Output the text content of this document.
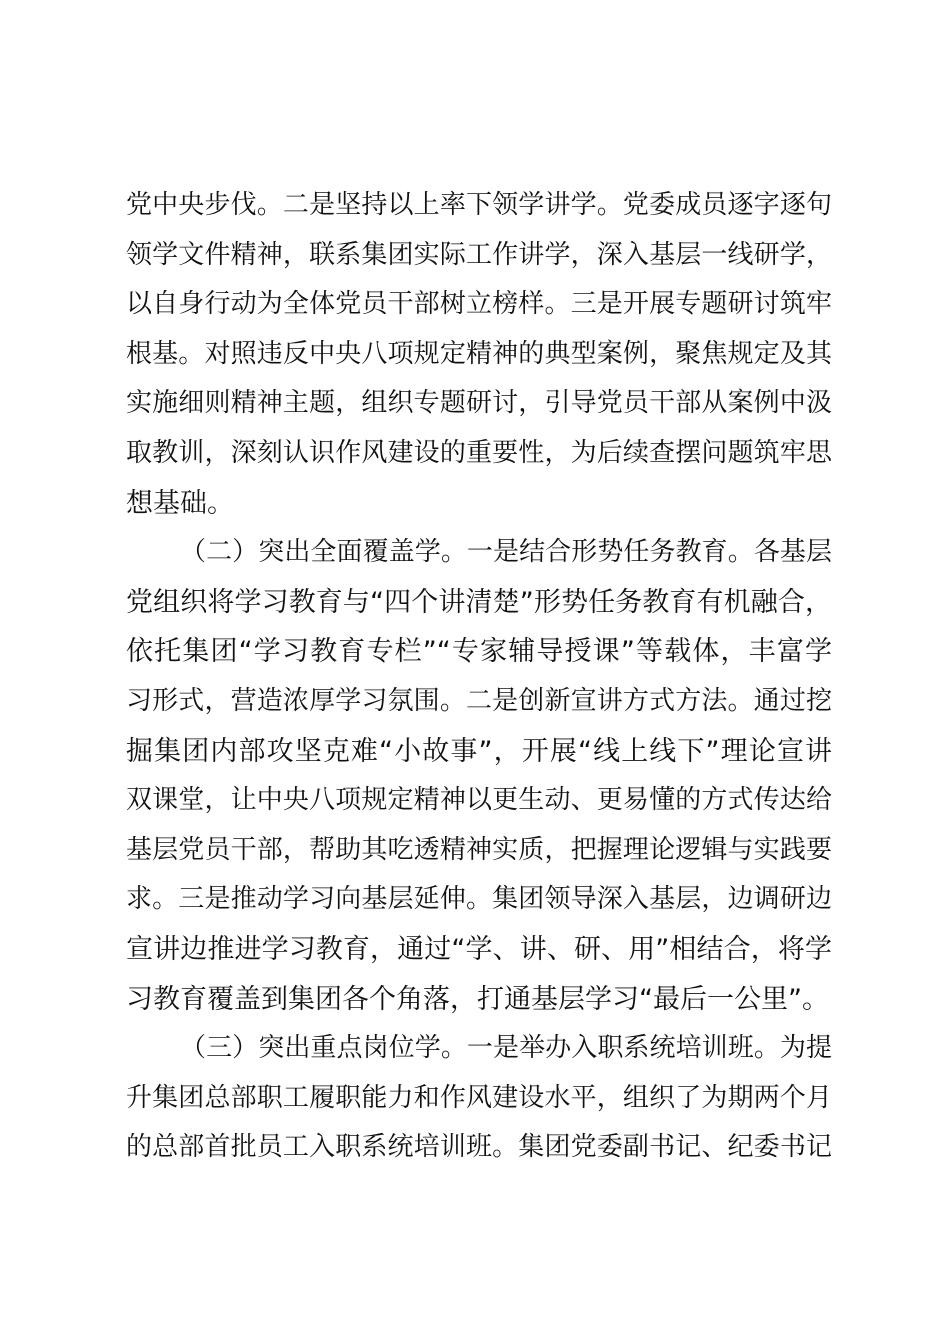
党中央步伐。二是坚持以上率下领学讲学。党委成员逐字逐句
领学文件精神，联系集团实际工作讲学，深入基层一线研学，
以自身行动为全体党员干部树立榜样。三是开展专题研讨筑牢
根基。对照违反中央八项规定精神的典型案例，聚焦规定及其
实施细则精神主题，组织专题研讨，引导党员干部从案例中汲
取教训，深刻认识作风建设的重要性，为后续查摆问题筑牢思
想基础。
（二）突出全面覆盖学。一是结合形势任务教育。各基层
党组织将学习教育与“四个讲清楚”形势任务教育有机融合，
依托集团“学习教育专栏”“专家辅导授课”等载体，丰富学
习形式，营造浓厚学习氛围。二是创新宣讲方式方法。通过挖
掘集团内部攻坚克难“小故事”，开展“线上线下”理论宣讲
双课堂，让中央八项规定精神以更生动、更易懂的方式传达给
基层党员干部，帮助其吃透精神实质，把握理论逻辑与实践要
求。三是推动学习向基层延伸。集团领导深入基层，边调研边
宣讲边推进学习教育，通过“学、讲、研、用”相结合，将学
习教育覆盖到集团各个角落，打通基层学习“最后一公里”。
（三）突出重点岗位学。一是举办入职系统培训班。为提
升集团总部职工履职能力和作风建设水平，组织了为期两个月
的总部首批员工入职系统培训班。集团党委副书记、纪委书记
